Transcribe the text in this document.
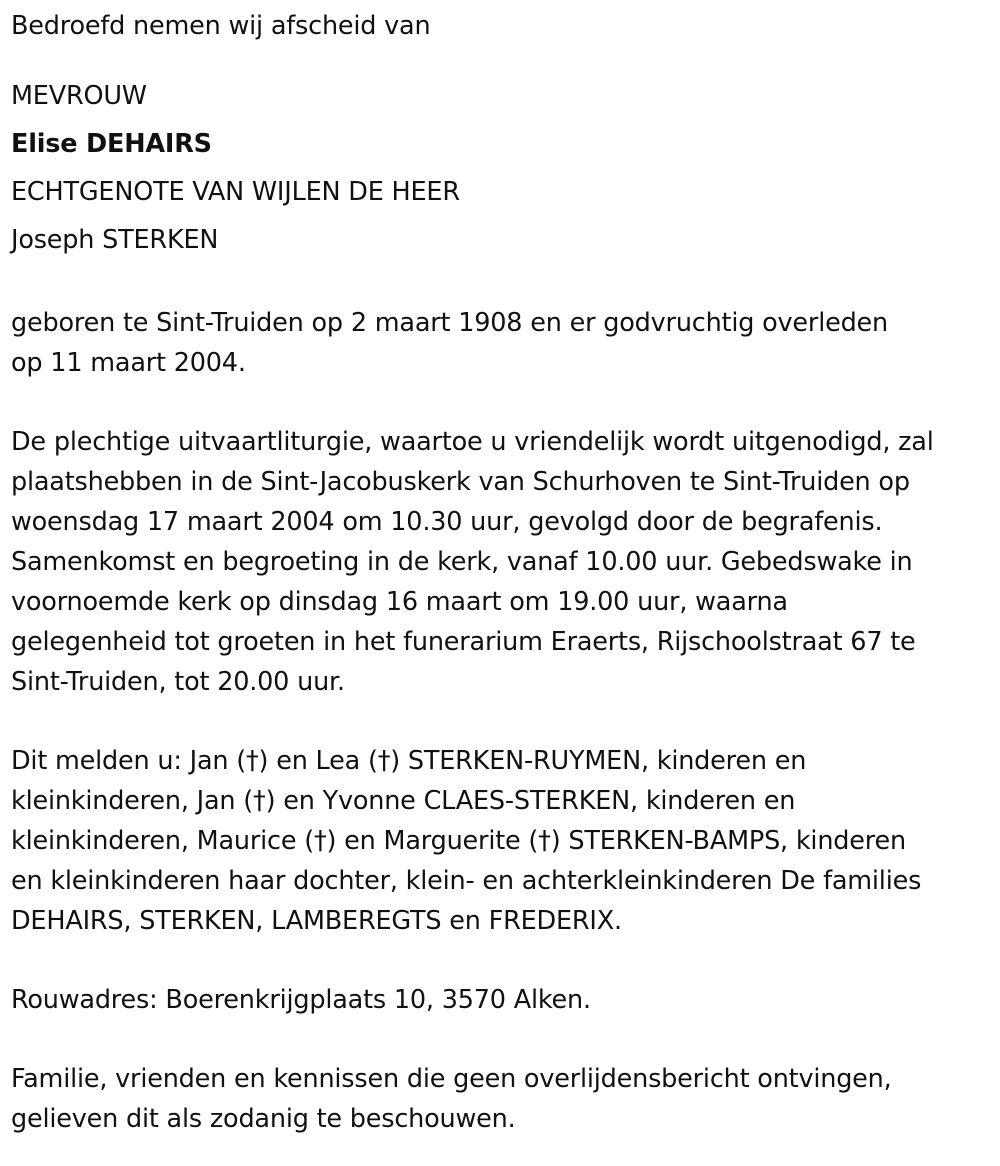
Bedroefd nemen wij afscheid van
MEVROUW
Elise DEHAIRS
ECHTGENOTE VAN WIJLEN DE HEER
Joseph STERKEN
geboren te Sint-Truiden op 2 maart 1908 en er godvruchtig overleden
op 11 maart 2004.
De plechtige uitvaartliturgie, waartoe u vriendelijk wordt uitgenodigd, zal
plaatshebben in de Sint-Jacobuskerk van Schurhoven te Sint-Truiden op
woensdag 17 maart 2004 om 10.30 uur, gevolgd door de begrafenis.
Samenkomst en begroeting in de kerk, vanaf 10.00 uur. Gebedswake in
voornoemde kerk op dinsdag 16 maart om 19.00 uur, waarna
gelegenheid tot groeten in het funerarium Eraerts, Rijschoolstraat 67 te
Sint-Truiden, tot 20.00 uur.
Dit melden u: Jan (†) en Lea (†) STERKEN-RUYMEN, kinderen en
kleinkinderen, Jan (†) en Yvonne CLAES-STERKEN, kinderen en
kleinkinderen, Maurice (†) en Marguerite (†) STERKEN-BAMPS, kinderen
en kleinkinderen haar dochter, klein- en achterkleinkinderen De families
DEHAIRS, STERKEN, LAMBEREGTS en FREDERIX.
Rouwadres: Boerenkrijgplaats 10, 3570 Alken.
Familie, vrienden en kennissen die geen overlijdensbericht ontvingen,
gelieven dit als zodanig te beschouwen.
